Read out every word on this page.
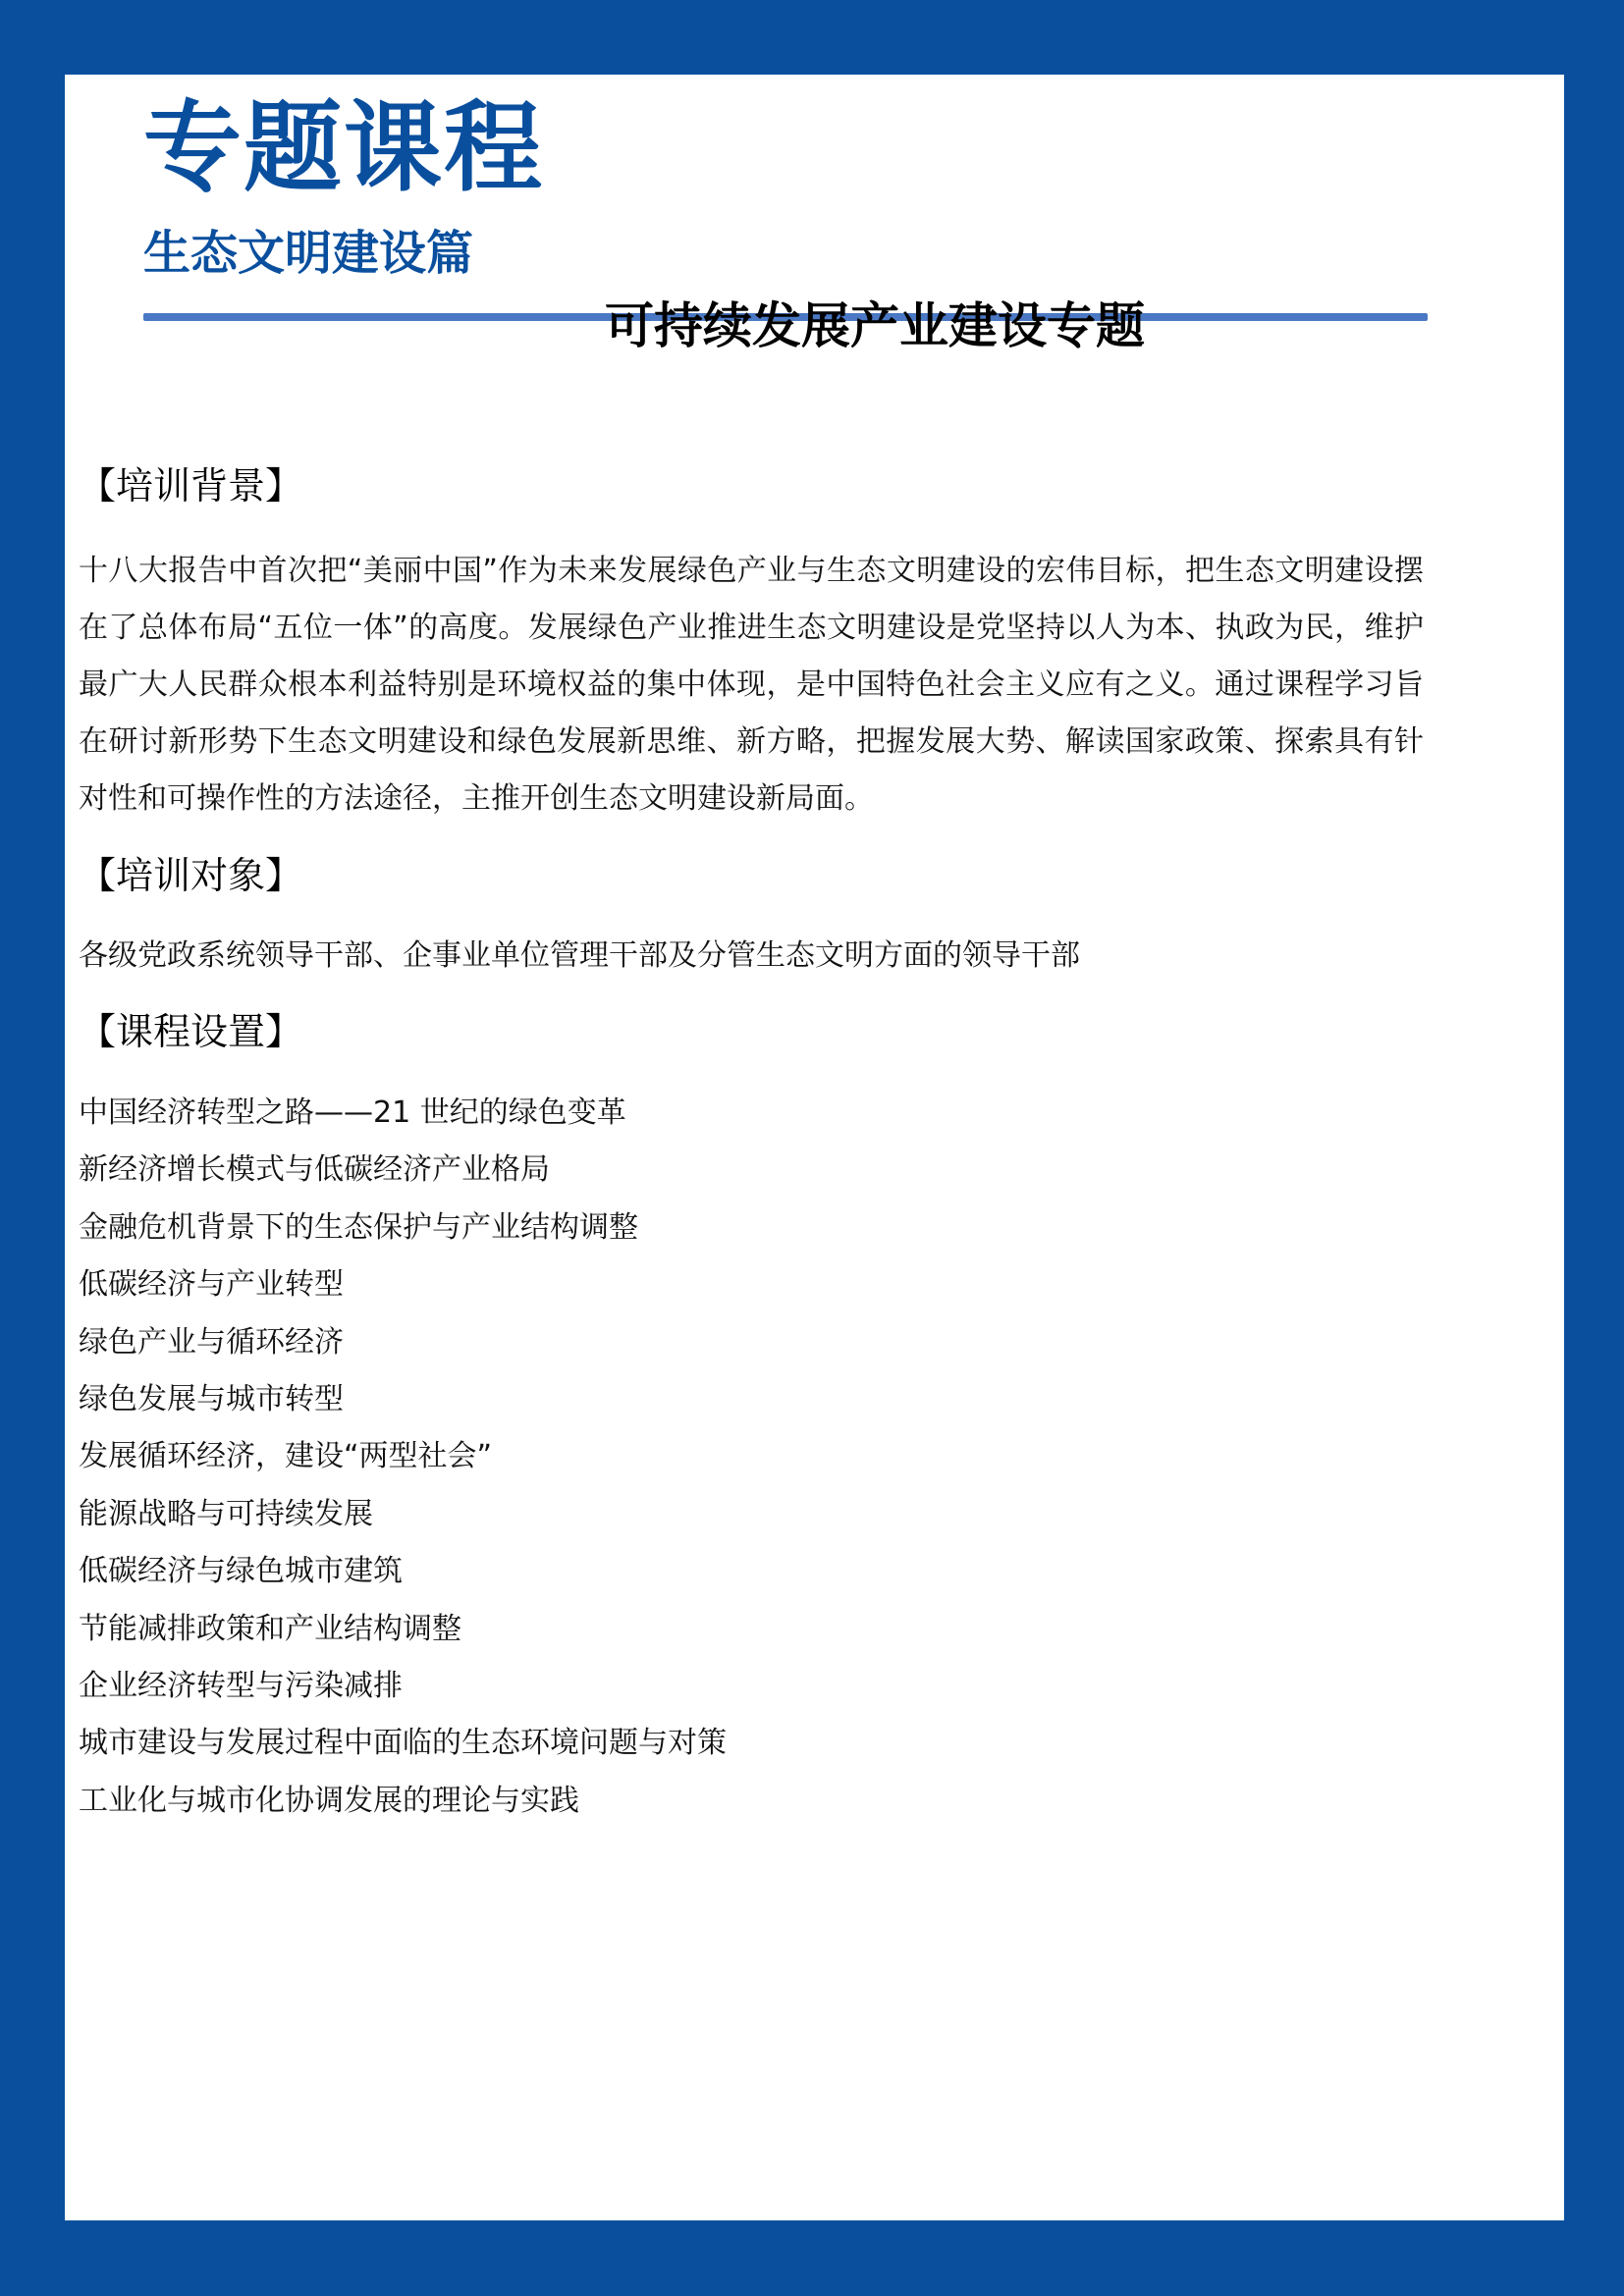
专题课程
生态文明建设篇
可持续发展产业建设专题
【培训背景】

十八大报告中首次把“美丽中国”作为未来发展绿色产业与生态文明建设的宏伟目标，把生态文明建设摆在了总体布局“五位一体”的高度。发展绿色产业推进生态文明建设是党坚持以人为本、执政为民，维护最广大人民群众根本利益特别是环境权益的集中体现，是中国特色社会主义应有之义。通过课程学习旨在研讨新形势下生态文明建设和绿色发展新思维、新方略，把握发展大势、解读国家政策、探索具有针对性和可操作性的方法途径，主推开创生态文明建设新局面。

【培训对象】

各级党政系统领导干部、企事业单位管理干部及分管生态文明方面的领导干部

【课程设置】
中国经济转型之路——21 世纪的绿色变革
新经济增长模式与低碳经济产业格局
金融危机背景下的生态保护与产业结构调整
低碳经济与产业转型
绿色产业与循环经济
绿色发展与城市转型
发展循环经济，建设“两型社会”
能源战略与可持续发展
低碳经济与绿色城市建筑
节能减排政策和产业结构调整
企业经济转型与污染减排
城市建设与发展过程中面临的生态环境问题与对策
工业化与城市化协调发展的理论与实践
